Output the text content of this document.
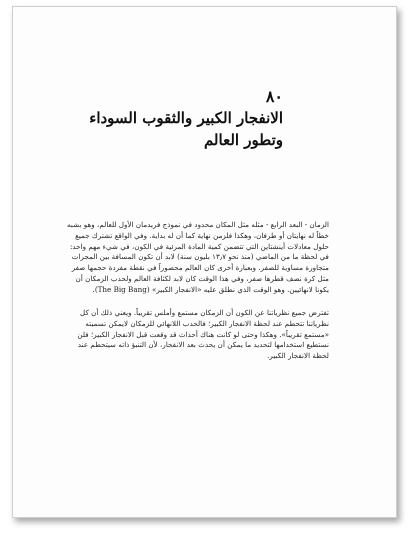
٨٠
الانفجار الكبير والثقوب السوداء
وتطور العالم
الزمان - البعد الرابع - مثله مثل المكان محدود في نموذج فريدمان الأول للعالم، وهو بشبه
خطاً له نهايتان أو طرفان، وهكذا فلزمن نهاية كما أن له بداية. وفي الواقع تشترك جميع
حلول معادلات أينشتاين التي تتضمن كمية المادة المرئية في الكون، في شيء مهم واحد:
في لحظة ما من الماضي (منذ نحو ١٣٫٧ بليون سنة) لابد أن تكون المسافة بين المجرات
متجاورة مساوية للصفر. وبعبارة أخرى كان العالم محصوراً في نقطة مفردة حجمها صفر
مثل كرة نصف قطرها صفر، وفي هذا الوقت كان لابد لكثافة العالم ولحدب الزمكان أن
يكونا لانهائيين. وهو الوقت الذي نطلق عليه «الانفجار الكبير» (The Big Bang).
تفترض جميع نظرياتنا عن الكون أن الزمكان مستمع وأملس تقريباً. ويعني ذلك أن كل
نظرياتنا تتحطم عند لحظة الانفجار الكبير؛ فالحدب اللانهائي للزمكان لايمكن تسميته
«مستمع تقريباً». وهكذا وحتى لو كانت هناك أحداث قد وقعت قبل الانفجار الكبير؛ فلن
نستطيع استخدامها لتحديد ما يمكن أن يحدث بعد الانفجار، لأن التنبؤ ذاته سيتحطم عند
لحظة الانفجار الكبير.
